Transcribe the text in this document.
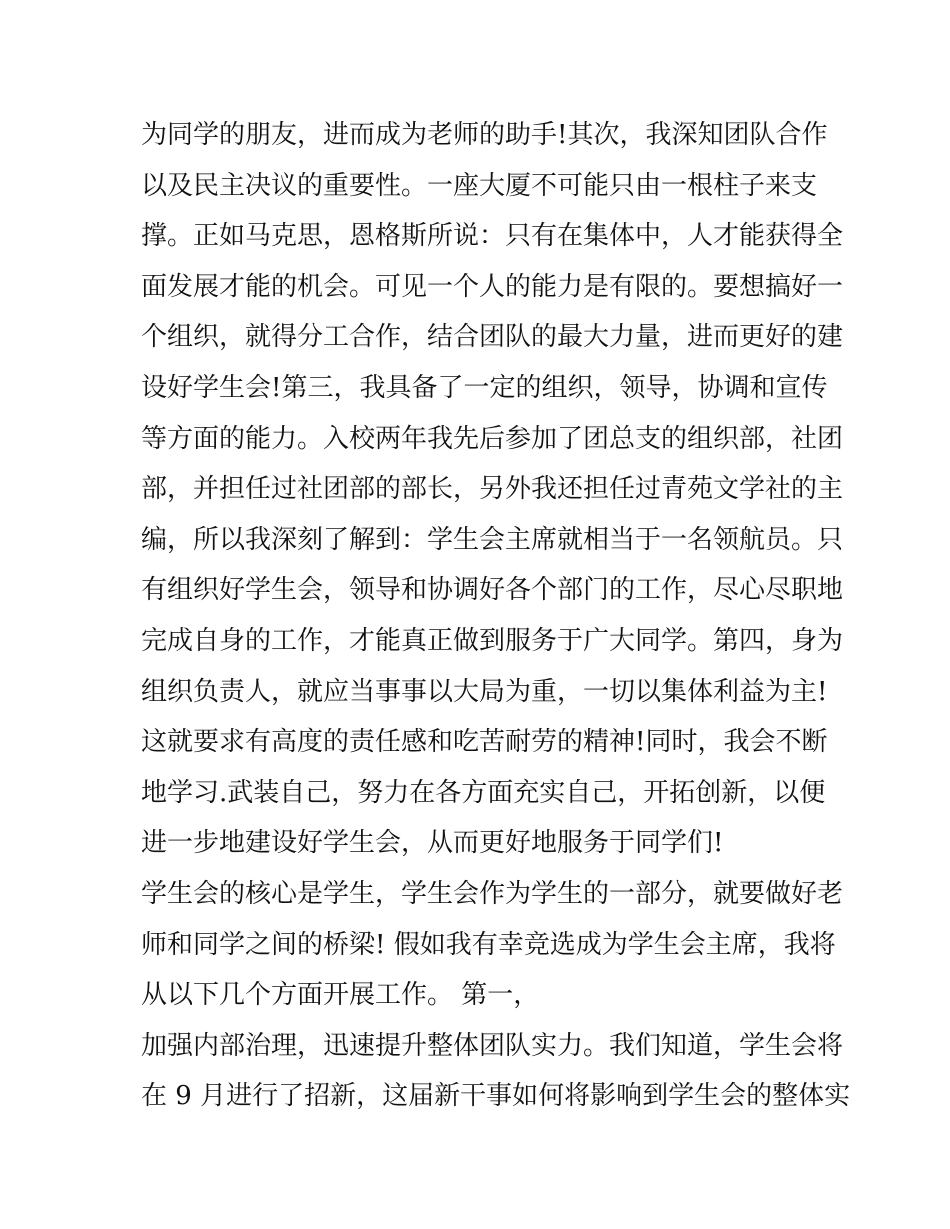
为同学的朋友，进而成为老师的助手!其次，我深知团队合作
以及民主决议的重要性。一座大厦不可能只由一根柱子来支
撑。正如马克思，恩格斯所说：只有在集体中，人才能获得全
面发展才能的机会。可见一个人的能力是有限的。要想搞好一
个组织，就得分工合作，结合团队的最大力量，进而更好的建
设好学生会!第三，我具备了一定的组织，领导，协调和宣传
等方面的能力。入校两年我先后参加了团总支的组织部，社团
部，并担任过社团部的部长，另外我还担任过青苑文学社的主
编，所以我深刻了解到：学生会主席就相当于一名领航员。只
有组织好学生会，领导和协调好各个部门的工作，尽心尽职地
完成自身的工作，才能真正做到服务于广大同学。第四，身为
组织负责人，就应当事事以大局为重，一切以集体利益为主!
这就要求有高度的责任感和吃苦耐劳的精神!同时，我会不断
地学习.武装自己，努力在各方面充实自己，开拓创新，以便
进一步地建设好学生会，从而更好地服务于同学们!
学生会的核心是学生，学生会作为学生的一部分，就要做好老
师和同学之间的桥梁! 假如我有幸竞选成为学生会主席，我将
从以下几个方面开展工作。 第一，
加强内部治理，迅速提升整体团队实力。我们知道，学生会将
在 9 月进行了招新，这届新干事如何将影响到学生会的整体实
